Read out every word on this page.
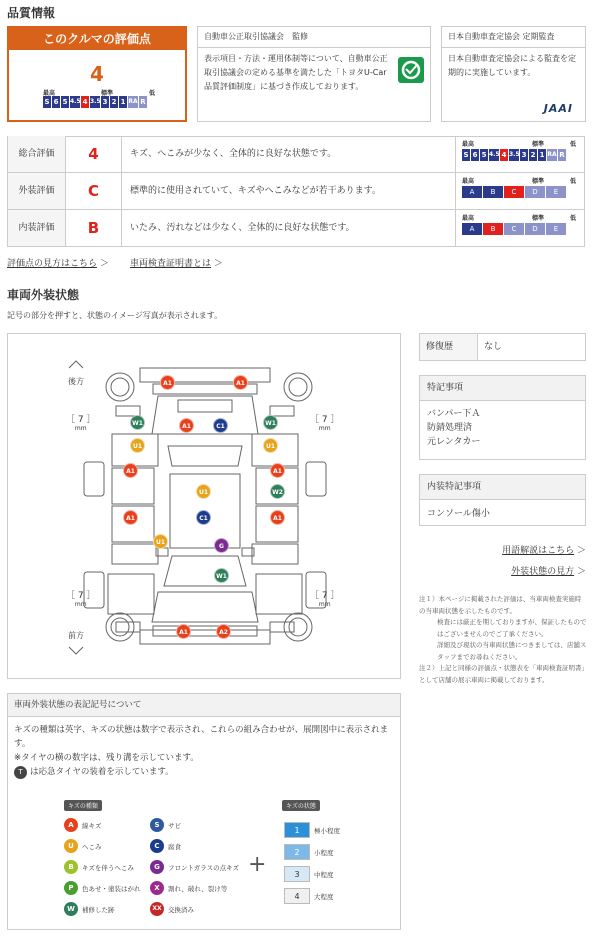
品質情報
このクルマの評価点
4
最高	標準	低
S 6 5 4.5 4 3.5 3 2 1 RA R
自動車公正取引協議会　監修
表示項目・方法・運用体制等について、自動車公正取引協議会の定める基準を満たした「トヨタU-Car品質評価制度」に基づき作成しております。
日本自動車査定協会 定期監査
日本自動車査定協会による監査を定期的に実施しています。
JAAI
総合評価	4	キズ、へこみが少なく、全体的に良好な状態です。
最高	標準	低
S 6 5 4.5 4 3.5 3 2 1 RA R
外装評価	C	標準的に使用されていて、キズやへこみなどが若干あります。
最高	標準	低
A B C D E
内装評価	B	いたみ、汚れなどは少なく、全体的に良好な状態です。
最高	標準	低
A B C D E
評価点の見方はこちら ＞ 車両検査証明書とは ＞
車両外装状態
記号の部分を押すと、状態のイメージ写真が表示されます。
後方
前方
［ 7 ］
mm
［ 7 ］
mm
［ 7 ］
mm
［ 7 ］
mm
A1	A1
W1	A1	C1	W1
U1	U1
A1	A1
U1	W2
A1	C1	A1
U1
G
W1
A1	A2
修復歴	なし
特記事項
バンパー下Ａ
防錆処理済
元レンタカー
内装特記事項
コンソール傷小
用語解説はこちら ＞
外装状態の見方 ＞
注１）本ページに掲載された評価は、当車両検査実施時の当車両状態を示したものです。
検査には厳正を期しておりますが、保証したものではございませんのでご了承ください。
詳細及び現状の当車両状態につきましては、店舗スタッフまでお尋ねください。
注２）上記と同様の評価点・状態表を「車両検査証明書」として店舗の展示車両に掲載しております。
車両外装状態の表記記号について
キズの種類は英字、キズの状態は数字で表示され、これらの組み合わせが、展開図中に表示されます。
※タイヤの横の数字は、残り溝を示しています。
T は応急タイヤの装着を示しています。
キズの種類	キズの状態
A	線キズ
U	へこみ
B	キズを伴うへこみ
P	色あせ・塗装はがれ
W	補修した跡
S	サビ
C	腐食
G	フロントガラスの点キズ
X	割れ、破れ、裂け等
XX 交換済み
+
1	極小程度
2	小程度
3	中程度
4	大程度
